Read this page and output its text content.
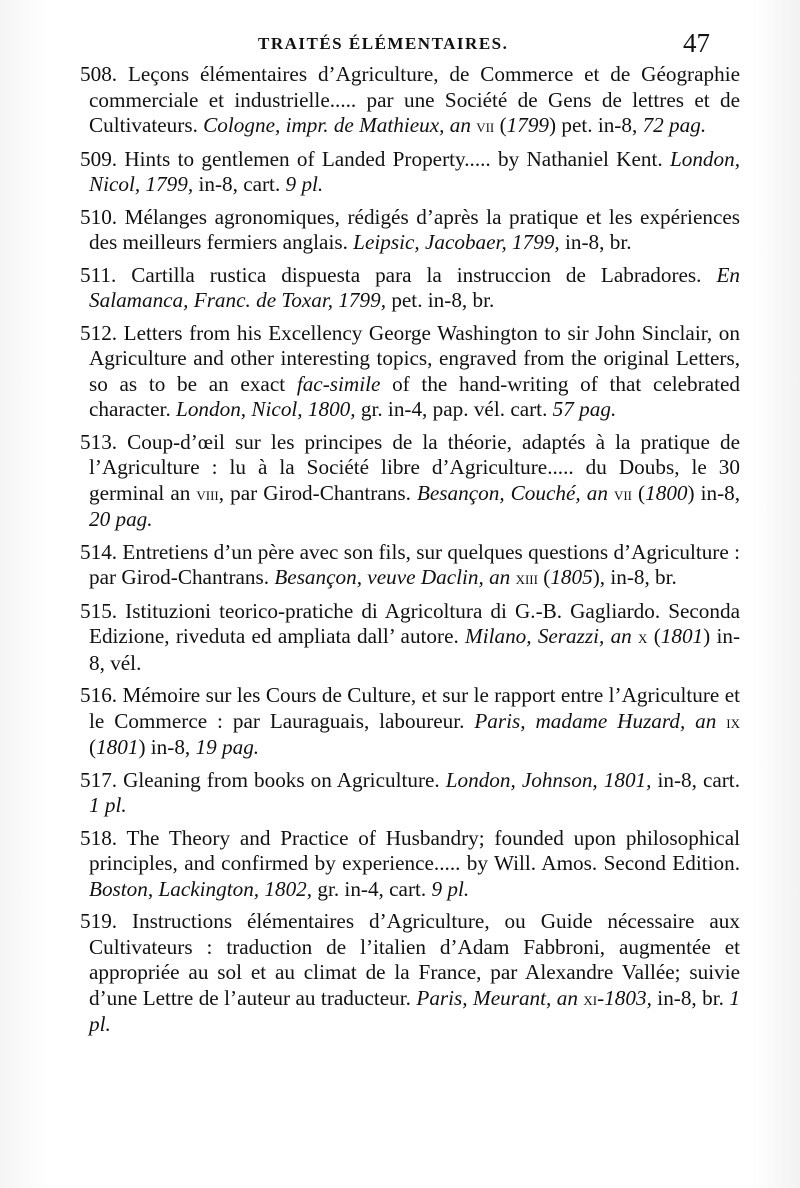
TRAITÉS ÉLÉMENTAIRES.	47

508. Leçons élémentaires d’Agriculture, de Commerce et de Géographie commerciale et industrielle..... par une Société de Gens de lettres et de Cultivateurs. Cologne, impr. de Mathieux, an vii (1799) pet. in-8, 72 pag.

509. Hints to gentlemen of Landed Property..... by Nathaniel Kent. London, Nicol, 1799, in-8, cart. 9 pl.

510. Mélanges agronomiques, rédigés d’après la pratique et les expériences des meilleurs fermiers anglais. Leipsic, Jacobaer, 1799, in-8, br.

511. Cartilla rustica dispuesta para la instruccion de Labradores. En Salamanca, Franc. de Toxar, 1799, pet. in-8, br.

512. Letters from his Excellency George Washington to sir John Sinclair, on Agriculture and other interesting topics, engraved from the original Letters, so as to be an exact fac-simile of the hand-writing of that celebrated character. London, Nicol, 1800, gr. in-4, pap. vél. cart. 57 pag.

513. Coup-d’œil sur les principes de la théorie, adaptés à la pratique de l’Agriculture : lu à la Société libre d’Agriculture..... du Doubs, le 30 germinal an viii, par Girod-Chantrans. Besançon, Couché, an vii (1800) in-8, 20 pag.

514. Entretiens d’un père avec son fils, sur quelques questions d’Agriculture : par Girod-Chantrans. Besançon, veuve Daclin, an xiii (1805), in-8, br.

515. Istituzioni teorico-pratiche di Agricoltura di G.-B. Gagliardo. Seconda Edizione, riveduta ed ampliata dall’ autore. Milano, Serazzi, an x (1801) in-8, vél.

516. Mémoire sur les Cours de Culture, et sur le rapport entre l’Agriculture et le Commerce : par Lauraguais, laboureur. Paris, madame Huzard, an ix (1801) in-8, 19 pag.

517. Gleaning from books on Agriculture. London, Johnson, 1801, in-8, cart. 1 pl.

518. The Theory and Practice of Husbandry; founded upon philosophical principles, and confirmed by experience..... by Will. Amos. Second Edition. Boston, Lackington, 1802, gr. in-4, cart. 9 pl.

519. Instructions élémentaires d’Agriculture, ou Guide nécessaire aux Cultivateurs : traduction de l’italien d’Adam Fabbroni, augmentée et appropriée au sol et au climat de la France, par Alexandre Vallée; suivie d’une Lettre de l’auteur au traducteur. Paris, Meurant, an xi-1803, in-8, br. 1 pl.
